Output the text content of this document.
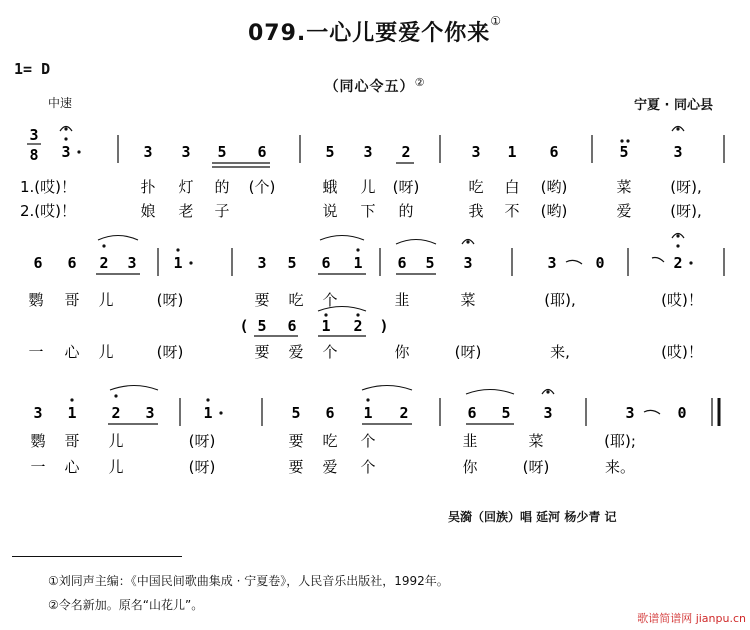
079.一心儿要爱个你来①
1= D
（同心令五）②
中速	宁夏 · 同心县
3
8 3	3 3 5 6	5 3 2	3 1 6	5	3
1.(哎)！	扑 灯 的 (个)	蛾 儿 (呀)	吃 白 (哟)	菜	(呀),
2.(哎)！	娘 老 子	说 下 的	我 不 (哟)	爱	(呀),
6 6 2 3 1	3 5 6 1 6 5 3	3	0	2
鹦 哥 儿	(呀)	要 吃 个	韭	菜	(耶),	(哎)！
( 5 6 1 2 )
一 心 儿	(呀)	要 爱 个	你	(呀)	来,	(哎)！
3 1 2 3	1	5 6 1 2	6 5 3	3	0
鹦 哥 儿	(呀)	要 吃 个	韭	菜	(耶);
一 心 儿	(呀)	要 爱 个	你	(呀)	来。
吴漪（回族）唱 延河 杨少青 记
①刘同声主编：《中国民间歌曲集成 · 宁夏卷》，人民音乐出版社，1992年。
②令名新加。原名“山花儿”。
歌谱简谱网 jianpu.cn
